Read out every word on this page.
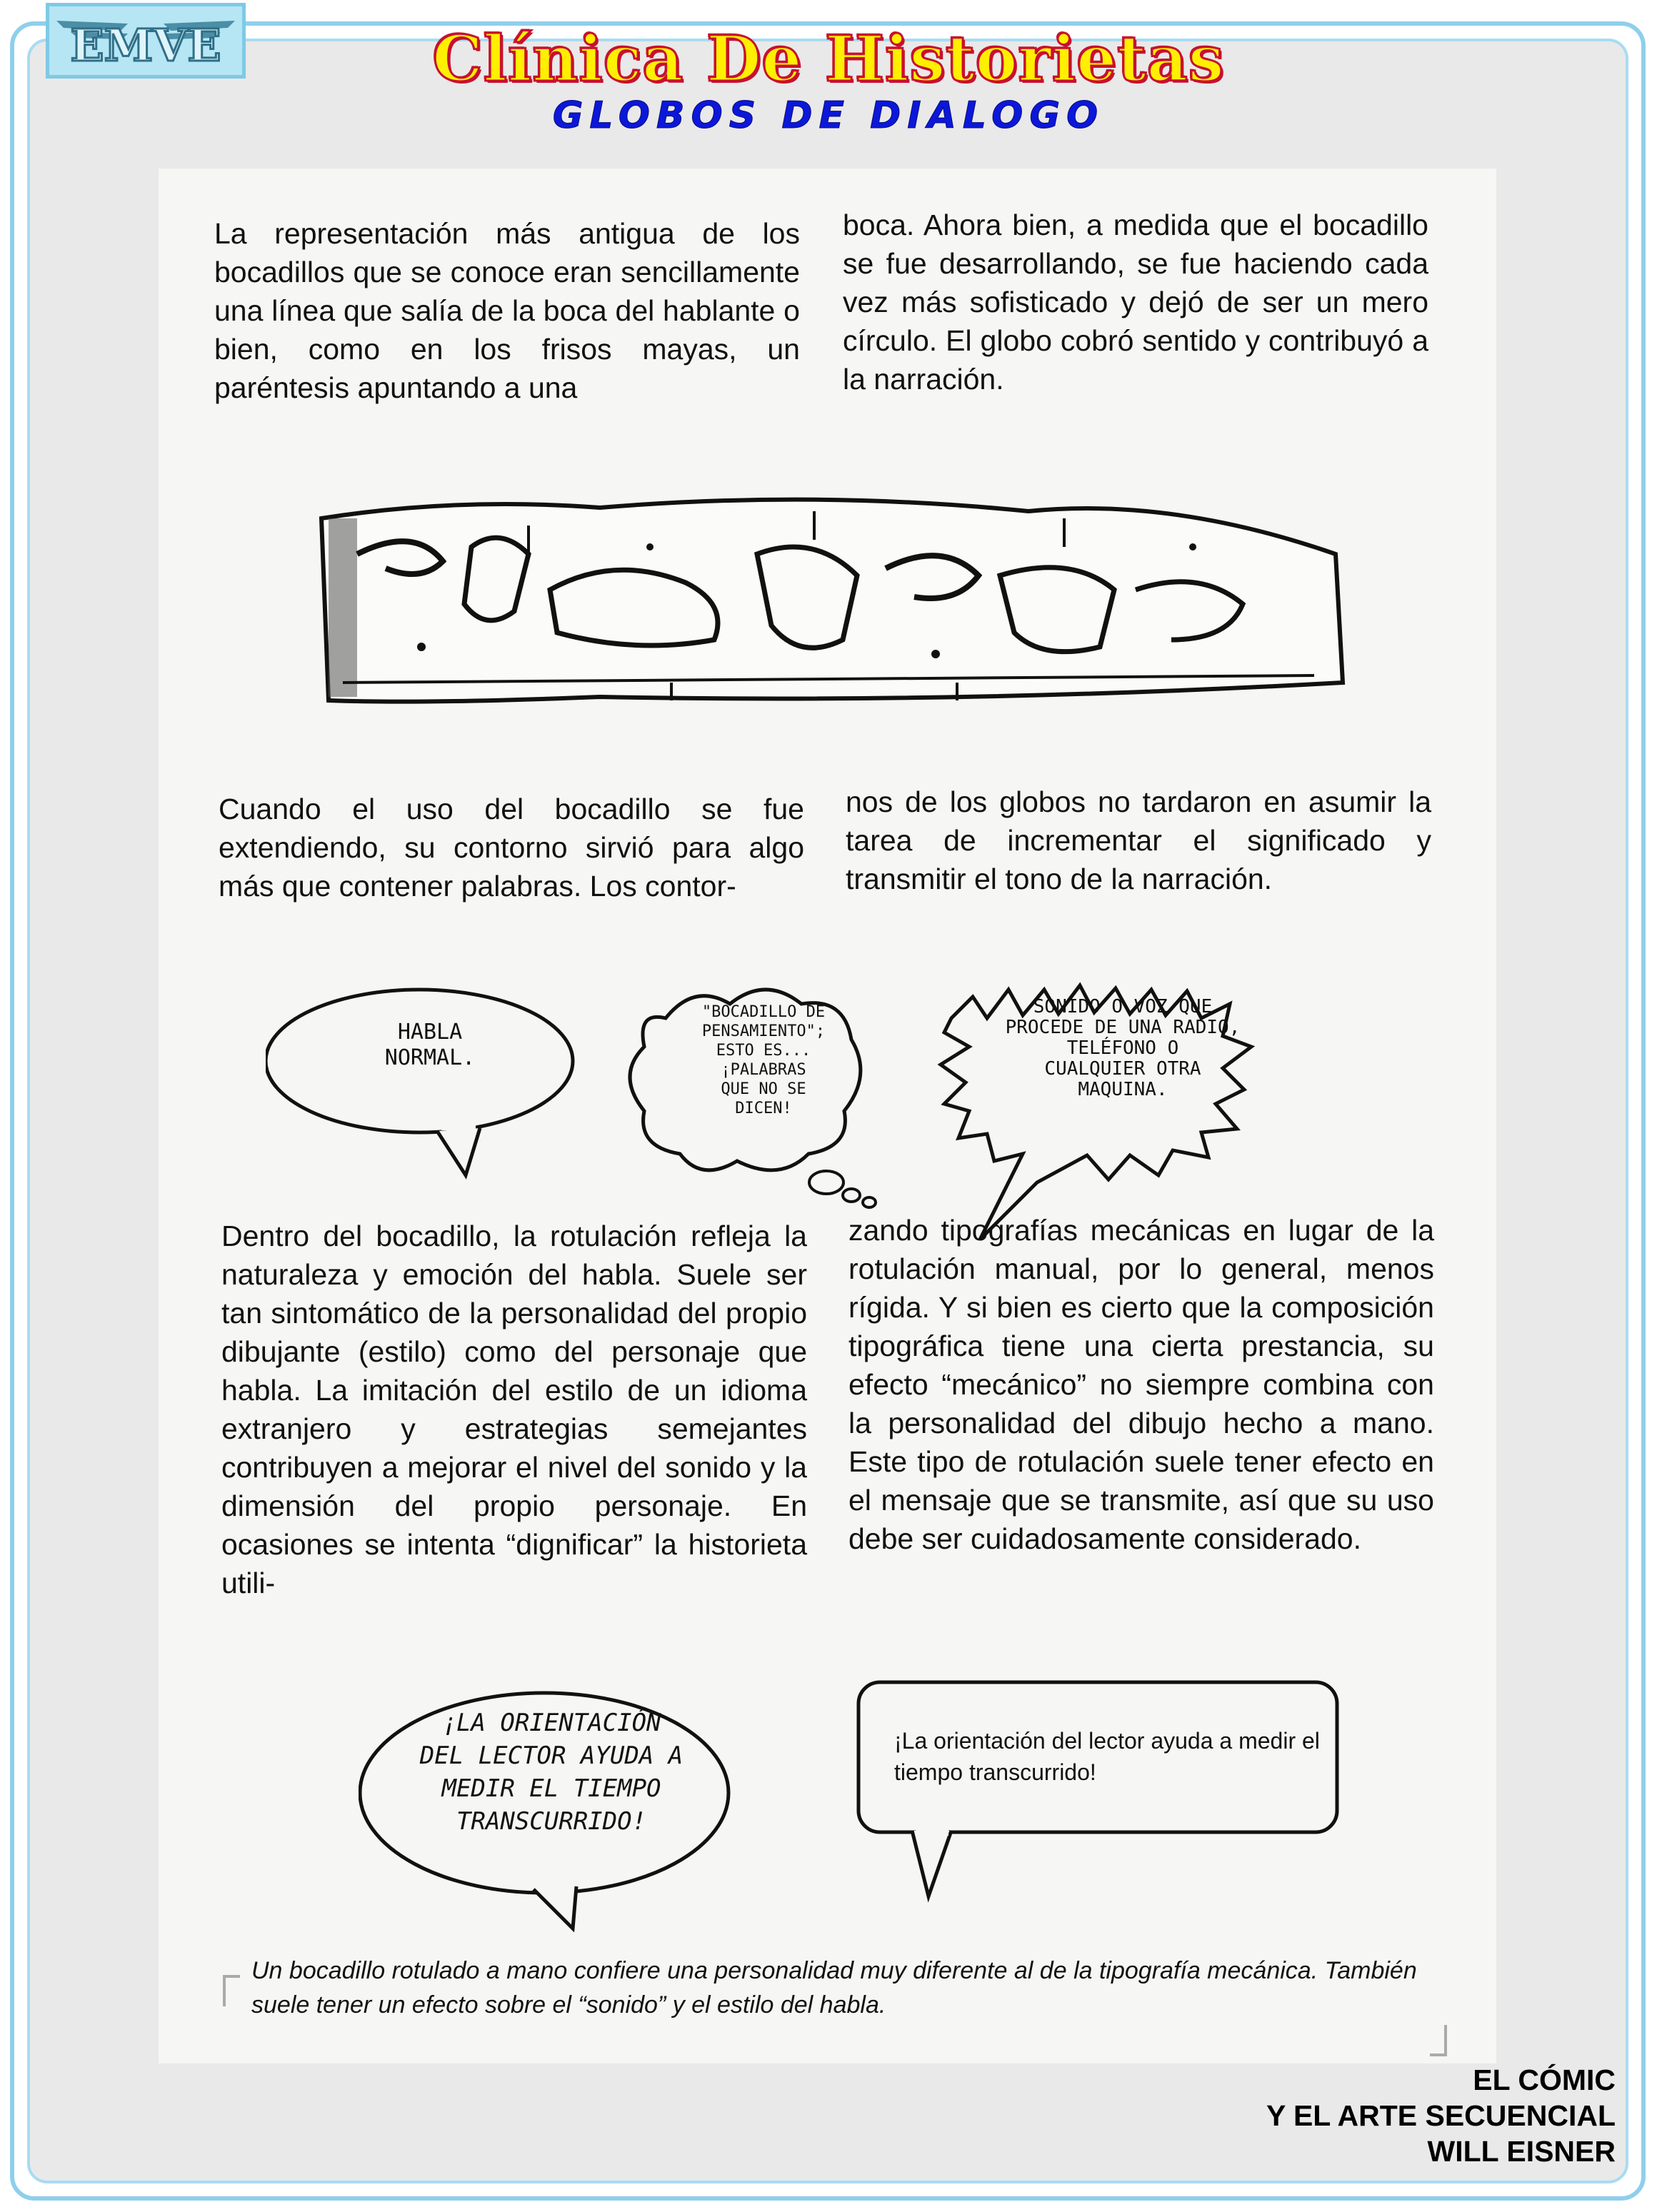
EMVE	Clínica De Historietas
GLOBOS DE DIALOGO

La representación más antigua de los bocadillos que se conoce eran sencillamente una línea que salía de la boca del hablante o bien, como en los frisos mayas, un paréntesis apuntando a una

boca. Ahora bien, a medida que el bocadillo se fue desarrollando, se fue haciendo cada vez más sofisticado y dejó de ser un mero círculo. El globo cobró sentido y contribuyó a la narración.

Cuando el uso del bocadillo se fue extendiendo, su contorno sirvió para algo más que contener palabras. Los contor-

nos de los globos no tardaron en asumir la tarea de incrementar el significado y transmitir el tono de la narración.

HABLA
NORMAL.

"BOCADILLO DE
PENSAMIENTO";
ESTO ES...
¡PALABRAS
QUE NO SE
DICEN!

SONIDO O VOZ QUE
PROCEDE DE UNA RADIO,
TELÉFONO O
CUALQUIER OTRA
MAQUINA.

Dentro del bocadillo, la rotulación refleja la naturaleza y emoción del habla. Suele ser tan sintomático de la personalidad del propio dibujante (estilo) como del personaje que habla. La imitación del estilo de un idioma extranjero y estrategias semejantes contribuyen a mejorar el nivel del sonido y la dimensión del propio personaje. En ocasiones se intenta “dignificar” la historieta utili-

zando tipografías mecánicas en lugar de la rotulación manual, por lo general, menos rígida. Y si bien es cierto que la composición tipográfica tiene una cierta prestancia, su efecto “mecánico” no siempre combina con la personalidad del dibujo hecho a mano. Este tipo de rotulación suele tener efecto en el mensaje que se transmite, así que su uso debe ser cuidadosamente considerado.

¡LA ORIENTACIÓN
DEL LECTOR AYUDA A
MEDIR EL TIEMPO
TRANSCURRIDO!

¡La orientación del lector ayuda a medir el tiempo transcurrido!

Un bocadillo rotulado a mano confiere una personalidad muy diferente al de la tipografía mecánica. También suele tener un efecto sobre el “sonido” y el estilo del habla.

EL CÓMIC
Y EL ARTE SECUENCIAL
WILL EISNER
